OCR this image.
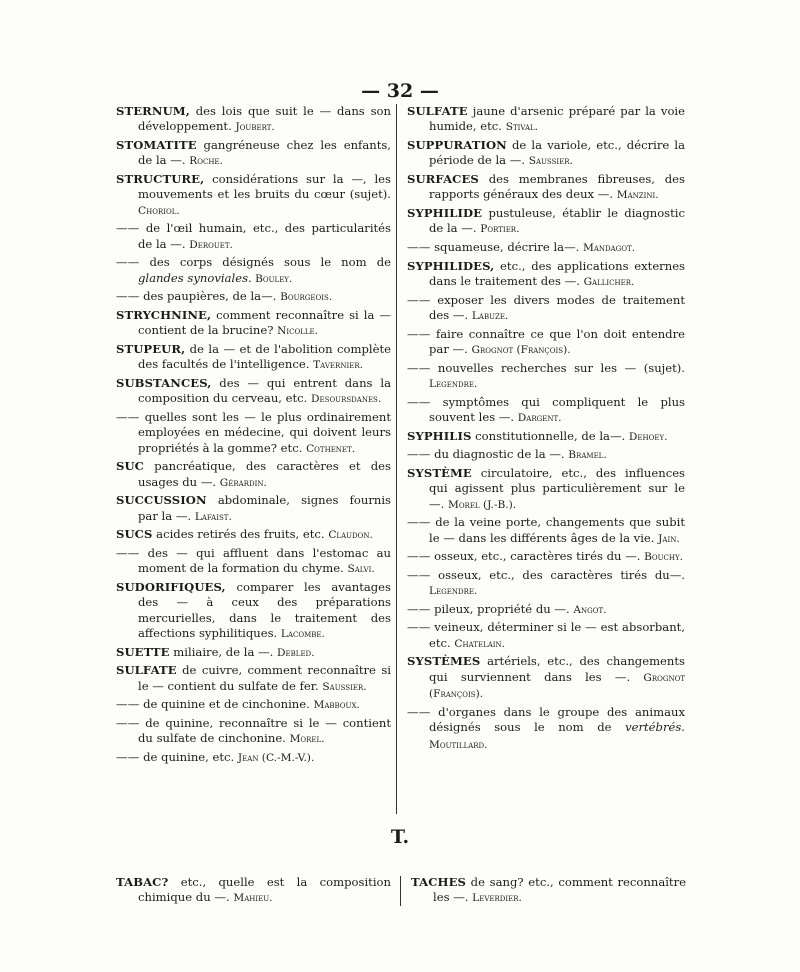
— 32 —
STERNUM, des lois que suit le — dans son développement. Joubert.
STOMATITE gangréneuse chez les enfants, de la —. Roche.
STRUCTURE, considérations sur la —, les mouvements et les bruits du cœur (sujet). Choriol.
—— de l'œil humain, etc., des particularités de la —. Derouet.
—— des corps désignés sous le nom de glandes synoviales. Bouley.
—— des paupières, de la—. Bourgeois.
STRYCHNINE, comment reconnaître si la — contient de la brucine? Nicolle.
STUPEUR, de la — et de l'abolition complète des facultés de l'intelligence. Tavernier.
SUBSTANCES, des — qui entrent dans la composition du cerveau, etc. Desoursdanes.
—— quelles sont les — le plus ordinairement employées en médecine, qui doivent leurs propriétés à la gomme? etc. Cothenet.
SUC pancréatique, des caractères et des usages du —. Gérardin.
SUCCUSSION abdominale, signes fournis par la —. Lafaist.
SUCS acides retirés des fruits, etc. Claudon.
—— des — qui affluent dans l'estomac au moment de la formation du chyme. Salvi.
SUDORIFIQUES, comparer les avantages des — à ceux des préparations mercurielles, dans le traitement des affections syphilitiques. Lacombe.
SUETTE miliaire, de la —. Debled.
SULFATE de cuivre, comment reconnaître si le — contient du sulfate de fer. Saussier.
—— de quinine et de cinchonine. Mabboux.
—— de quinine, reconnaître si le — contient du sulfate de cinchonine. Morel.
—— de quinine, etc. Jean (C.-M.-V.).
SULFATE jaune d'arsenic préparé par la voie humide, etc. Stival.
SUPPURATION de la variole, etc., décrire la période de la —. Saussier.
SURFACES des membranes fibreuses, des rapports généraux des deux —. Manzini.
SYPHILIDE pustuleuse, établir le diagnostic de la —. Portier.
—— squameuse, décrire la—. Mandagot.
SYPHILIDES, etc., des applications externes dans le traitement des —. Gallicher.
—— exposer les divers modes de traitement des —. Labuze.
—— faire connaître ce que l'on doit entendre par —. Grognot (François).
—— nouvelles recherches sur les — (sujet). Legendre.
—— symptômes qui compliquent le plus souvent les —. Dargent.
SYPHILIS constitutionnelle, de la—. Dehoey.
—— du diagnostic de la —. Bramel.
SYSTÈME circulatoire, etc., des influences qui agissent plus particulièrement sur le —. Morel (J.-B.).
—— de la veine porte, changements que subit le — dans les différents âges de la vie. Jain.
—— osseux, etc., caractères tirés du —. Bouchy.
—— osseux, etc., des caractères tirés du—. Legendre.
—— pileux, propriété du —. Angot.
—— veineux, déterminer si le — est absorbant, etc. Chatelain.
SYSTÈMES artériels, etc., des changements qui surviennent dans les —. Grognot (François).
—— d'organes dans le groupe des animaux désignés sous le nom de vertébrés. Moutillard.
T.
TABAC? etc., quelle est la composition chimique du —. Mahieu.
TACHES de sang? etc., comment reconnaître les —. Leverdier.
